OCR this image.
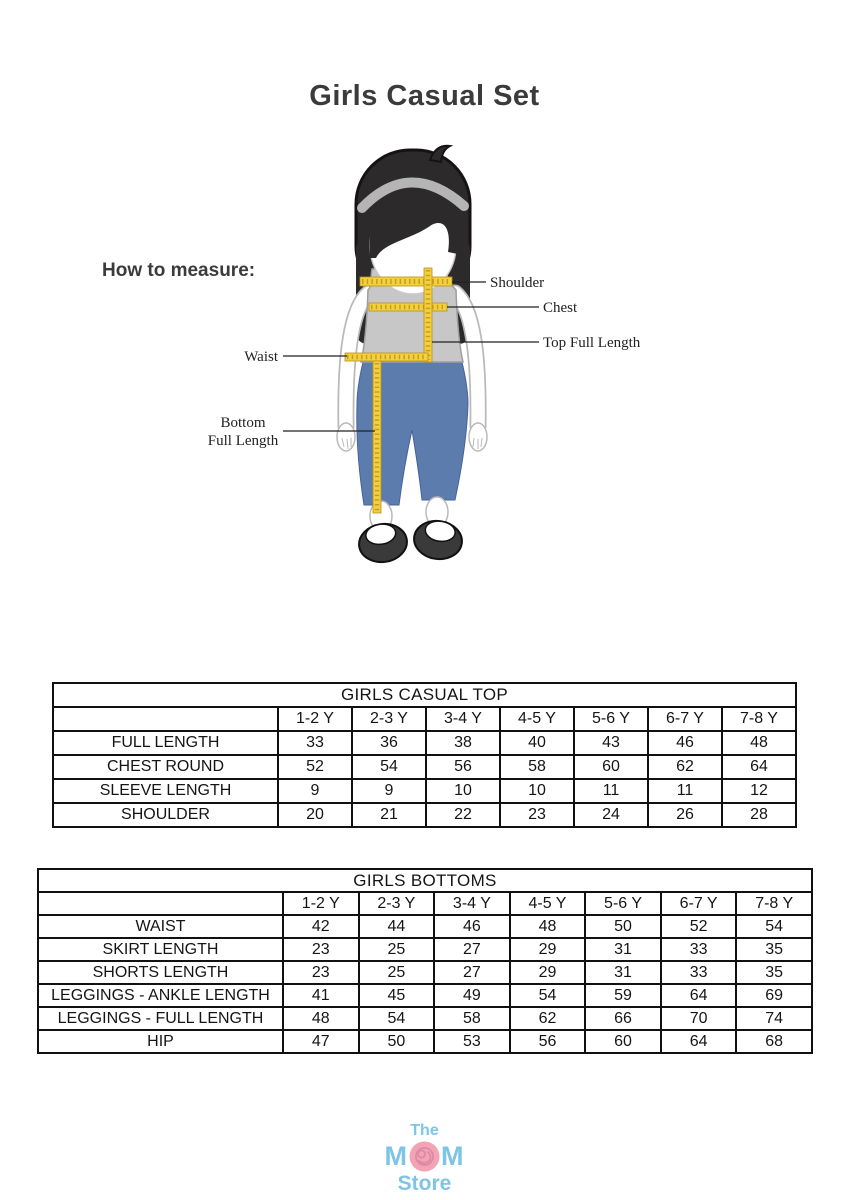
Girls Casual Set
How to measure:
Shoulder
Chest
Top Full Length
Waist
Bottom
Full Length
GIRLS CASUAL TOP							
	1-2 Y	2-3 Y	3-4 Y	4-5 Y	5-6 Y	6-7 Y	7-8 Y
FULL LENGTH	33	36	38	40	43	46	48
CHEST ROUND	52	54	56	58	60	62	64
SLEEVE LENGTH	9	9	10	10	11	11	12
SHOULDER	20	21	22	23	24	26	28
GIRLS BOTTOMS							
	1-2 Y	2-3 Y	3-4 Y	4-5 Y	5-6 Y	6-7 Y	7-8 Y
WAIST	42	44	46	48	50	52	54
SKIRT LENGTH	23	25	27	29	31	33	35
SHORTS LENGTH	23	25	27	29	31	33	35
LEGGINGS - ANKLE LENGTH	41	45	49	54	59	64	69
LEGGINGS - FULL LENGTH	48	54	58	62	66	70	74
HIP	47	50	53	56	60	64	68
The
M M
Store
